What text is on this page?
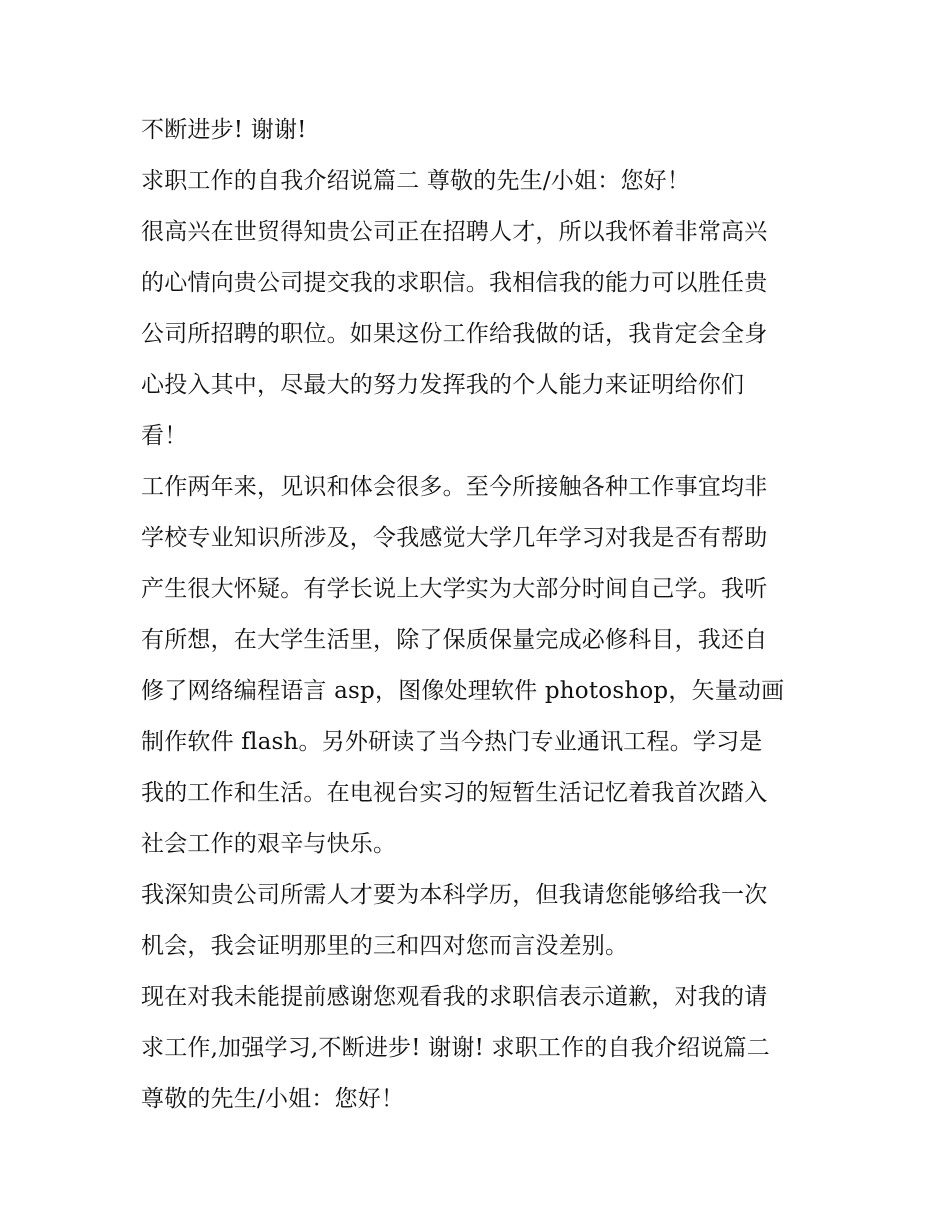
不断进步! 谢谢!
求职工作的自我介绍说篇二 尊敬的先生/小姐：您好！
很高兴在世贸得知贵公司正在招聘人才，所以我怀着非常高兴
的心情向贵公司提交我的求职信。我相信我的能力可以胜任贵
公司所招聘的职位。如果这份工作给我做的话，我肯定会全身
心投入其中，尽最大的努力发挥我的个人能力来证明给你们
看！
工作两年来，见识和体会很多。至今所接触各种工作事宜均非
学校专业知识所涉及，令我感觉大学几年学习对我是否有帮助
产生很大怀疑。有学长说上大学实为大部分时间自己学。我听
有所想，在大学生活里，除了保质保量完成必修科目，我还自
修了网络编程语言 asp，图像处理软件 photoshop，矢量动画
制作软件 flash。另外研读了当今热门专业通讯工程。学习是
我的工作和生活。在电视台实习的短暂生活记忆着我首次踏入
社会工作的艰辛与快乐。
我深知贵公司所需人才要为本科学历，但我请您能够给我一次
机会，我会证明那里的三和四对您而言没差别。
现在对我未能提前感谢您观看我的求职信表示道歉，对我的请
求工作,加强学习,不断进步! 谢谢! 求职工作的自我介绍说篇二
尊敬的先生/小姐：您好！
